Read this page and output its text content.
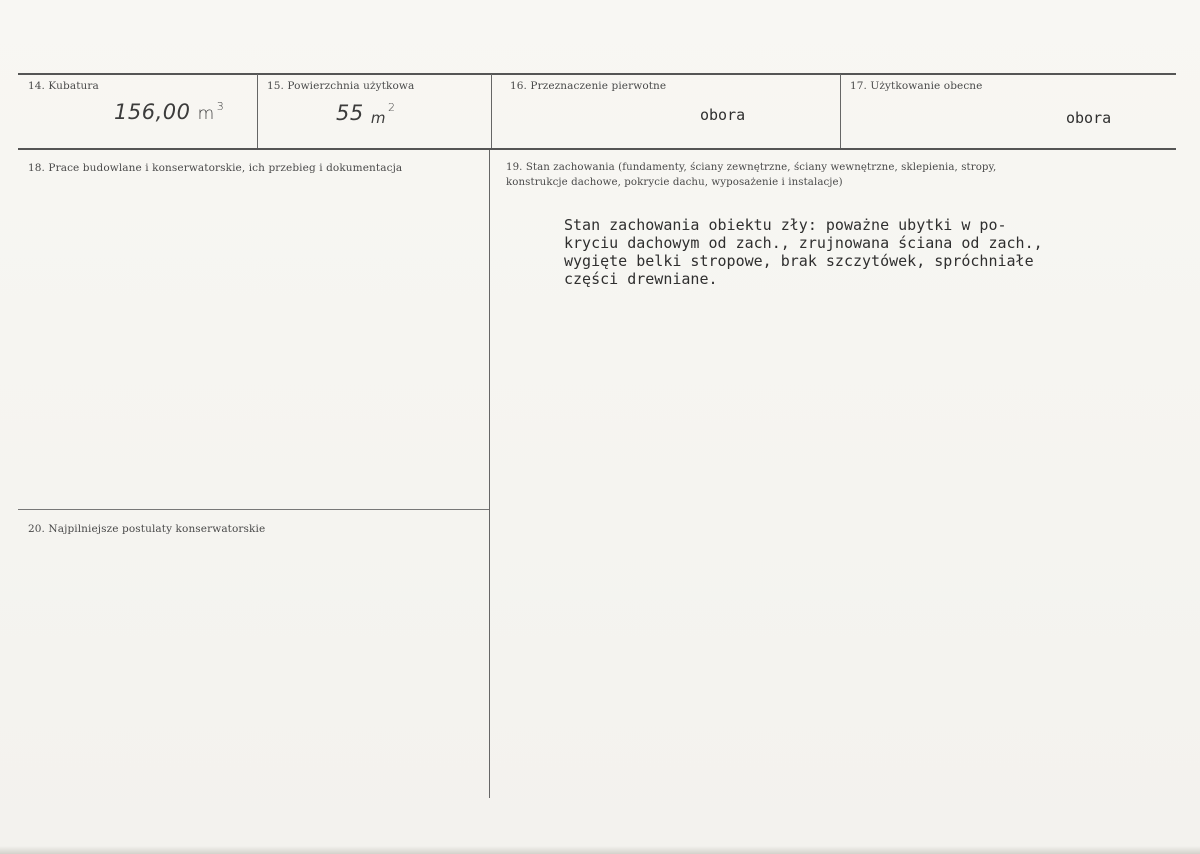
14. Kubatura
156,00 m $^3$
15. Powierzchnia użytkowa
55 $m^2$
16. Przeznaczenie pierwotne
obora
17. Użytkowanie obecne
obora
18. Prace budowlane i konserwatorskie, ich przebieg i dokumentacja	19. Stan zachowania (fundamenty, ściany zewnętrzne, ściany wewnętrzne, sklepienia, stropy,
konstrukcje dachowe, pokrycie dachu, wyposażenie i instalacje)
Stan zachowania obiektu zły: poważne ubytki w po-
kryciu dachowym od zach., zrujnowana ściana od zach.,
wygięte belki stropowe, brak szczytówek, spróchniałe
części drewniane.
20. Najpilniejsze postulaty konserwatorskie
